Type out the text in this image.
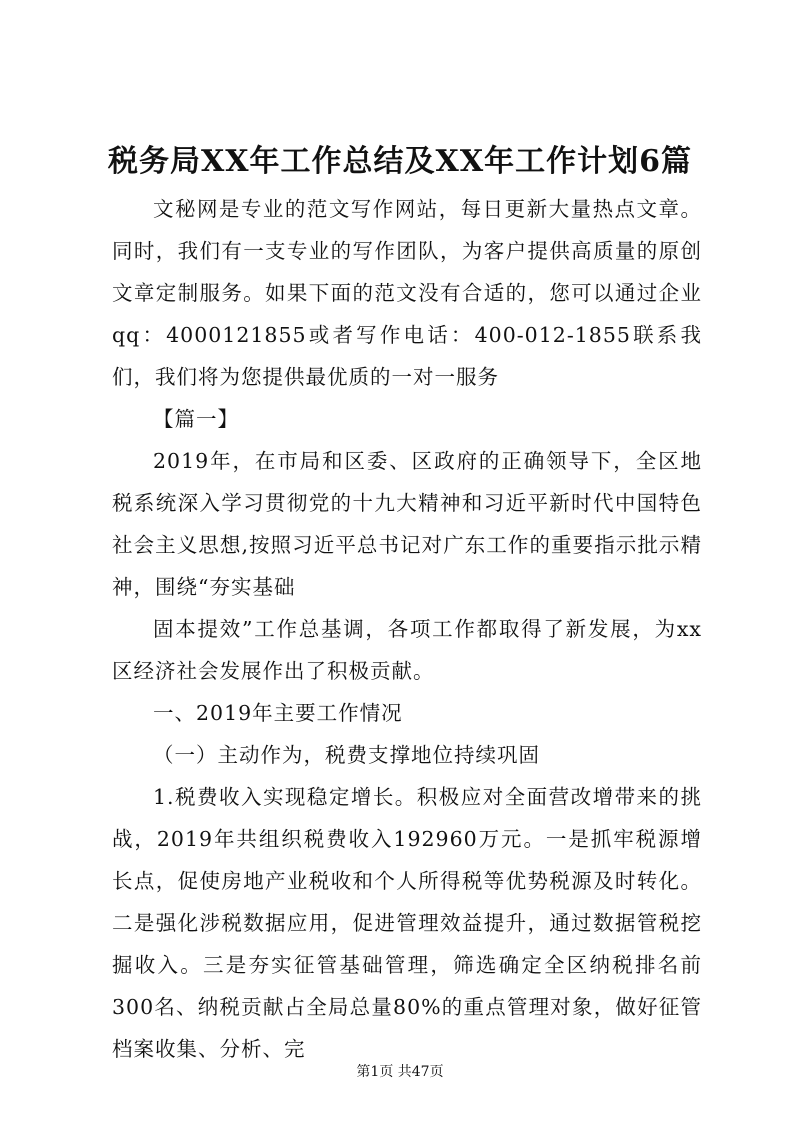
税务局XX年工作总结及XX年工作计划6篇

文秘网是专业的范文写作网站，每日更新大量热点文章。同时，我们有一支专业的写作团队，为客户提供高质量的原创文章定制服务。如果下面的范文没有合适的，您可以通过企业qq：4000121855或者写作电话：400-012-1855联系我们，我们将为您提供最优质的一对一服务

【篇一】

2019年，在市局和区委、区政府的正确领导下，全区地税系统深入学习贯彻党的十九大精神和习近平新时代中国特色社会主义思想,按照习近平总书记对广东工作的重要指示批示精神，围绕“夯实基础

固本提效”工作总基调，各项工作都取得了新发展，为xx区经济社会发展作出了积极贡献。

一、2019年主要工作情况

（一）主动作为，税费支撑地位持续巩固

1.税费收入实现稳定增长。积极应对全面营改增带来的挑战，2019年共组织税费收入192960万元。一是抓牢税源增长点，促使房地产业税收和个人所得税等优势税源及时转化。二是强化涉税数据应用，促进管理效益提升，通过数据管税挖掘收入。三是夯实征管基础管理，筛选确定全区纳税排名前300名、纳税贡献占全局总量80%的重点管理对象，做好征管档案收集、分析、完

第1页 共47页
